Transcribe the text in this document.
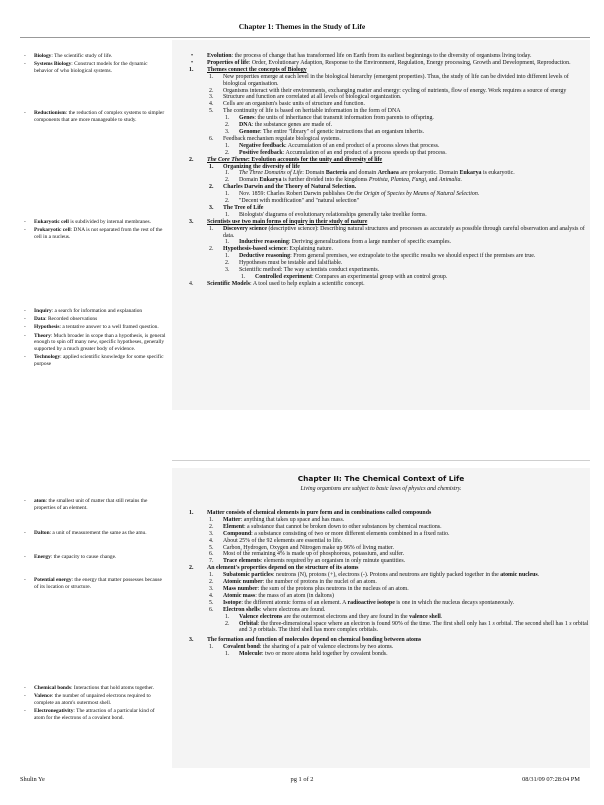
Chapter 1: Themes in the Study of Life
- Biology: The scientific study of life.
- Systems Biology: Construct models for the dynamic behavior of who biological systems.
- Reductionism: the reduction of complex systems to simpler components that are more manageable to study.
- Eukaryotic cell is subdivided by internal membranes.
- Prokaryotic cell: DNA is not separated from the rest of the cell in a nucleus.
- Inquiry: a search for information and explanation
- Data: Recorded observations
- Hypothesis: a tentative answer to a well framed question.
- Theory: Much broader in scope than a hypothesis, is general enough to spin off many new, specific hypotheses, generally supported by a much greater body of evidence.
- Technology: applied scientific knowledge for some specific purpose
• Evolution: the process of change that has transformed life on Earth from its earliest beginnings to the diversity of organisms living today.
• Properties of life: Order, Evolutionary Adaption, Response to the Environment, Regulation, Energy processing, Growth and Development, Reproduction.
1. Themes connect the concepts of Biology
1. New properties emerge at each level in the biological hierarchy (emergent properties). Thus, the study of life can be divided into different levels of biological organisation.
2. Organisms interact with their environments, exchanging matter and energy: cycling of nutrients, flow of energy. Work requires a source of energy
3. Structure and function are correlated at all levels of biological organization.
4. Cells are an organism's basic units of structure and function.
5. The continuity of life is based on heritable information in the form of DNA
1. Genes: the units of inheritance that transmit information from parents to offspring.
2. DNA: the substance genes are made of.
3. Genome: The entire "library" of genetic instructions that an organism inherits.
6. Feedback mechanism regulate biological systems.
1. Negative feedback: Accumulation of an end product of a process slows that process.
2. Positive feedback: Accumulation of an end product of a process speeds up that process.
2. The Core Theme: Evolution accounts for the unity and diversity of life
1. Organizing the diversity of life
1. The Three Domains of Life: Domain Bacteria and domain Archaea are prokaryotic. Domain Eukarya is eukaryotic.
2. Domain Eukarya is further divided into the kingdoms Protista, Plantea, Fungi, and Animalia.
2. Charles Darwin and the Theory of Natural Selection.
1. Nov. 1859: Charles Robert Darwin publishes On the Origin of Species by Means of Natural Selection.
2. "Decent with modification" and "natural selection"
3. The Tree of Life
1. Biologists' diagrams of evolutionary relationships generally take treelike forms.
3. Scientists use two main forms of inquiry in their study of nature
1. Discovery science (descriptive science): Describing natural structures and processes as accurately as possible through careful observation and analysis of data.
1. Inductive reasoning: Deriving generalizations from a large number of specific examples.
2. Hypothesis-based science: Explaining nature.
1. Deductive reasoning: From general premises, we extrapolate to the specific results we should expect if the premises are true.
2. Hypotheses must be testable and falsifiable.
3. Scientific method: The way scientists conduct experiments.
1. Controlled experiment: Compares an experimental group with an control group.
4. Scientific Models: A tool used to help explain a scientific concept.
Chapter II: The Chemical Context of Life
Living organisms are subject to basic laws of physics and chemistry.
- atom: the smallest unit of matter that still retains the properties of an element.
- Dalton: a unit of measurement the same as the amu.
- Energy: the capacity to cause change.
- Potential energy: the energy that matter possesses because of its location or structure.
- Chemical bonds: Interactions that hold atoms together.
- Valence: the number of unpaired electrons required to complete an atom's outermost shell.
- Electronegativity: The attraction of a particular kind of atom for the electrons of a covalent bond.
1. Matter consists of chemical elements in pure form and in combinations called compounds
1. Matter: anything that takes up space and has mass.
2. Element: a substance that cannot be broken down to other substances by chemical reactions.
3. Compound: a substance consisting of two or more different elements combined in a fixed ratio.
4. About 25% of the 92 elements are essential to life.
5. Carbon, Hydrogen, Oxygen and Nitrogen make up 96% of living matter.
6. Most of the remaining 4% is made up of phosphorous, potassium, and sulfer.
7. Trace elements: elements required by an organism in only minute quantities.
2. An element's properties depend on the structure of its atoms
1. Subatomic particles: neutrons (N), protons (+), electrons (-). Protons and neutrons are tightly packed together in the atomic nucleus.
2. Atomic number: the number of protons in the nuclei of an atom.
3. Mass number: the sum of the protons plus neutrons in the nucleus of an atom.
4. Atomic mass: the mass of an atom (in daltons)
5. Isotope: the different atomic forms of an element. A radioactive isotope is one in which the nucleus decays spontaneously.
6. Electron shells: where electrons are found.
1. Valence electrons are the outermost electrons and they are found in the valence shell.
2. Orbital: the three-dimensional space where an electron is found 90% of the time. The first shell only has 1 s orbital. The second shell has 1 s orbital and 3 p orbitals. The third shell has more complex orbitals.
3. The formation and function of molecules depend on chemical bonding between atoms
1. Covalent bond: the sharing of a pair of valence electrons by two atoms.
1. Molecule: two or more atoms held together by covalent bonds.
Shulin Ye	pg 1 of 2	08/31/09 07:28:04 PM
